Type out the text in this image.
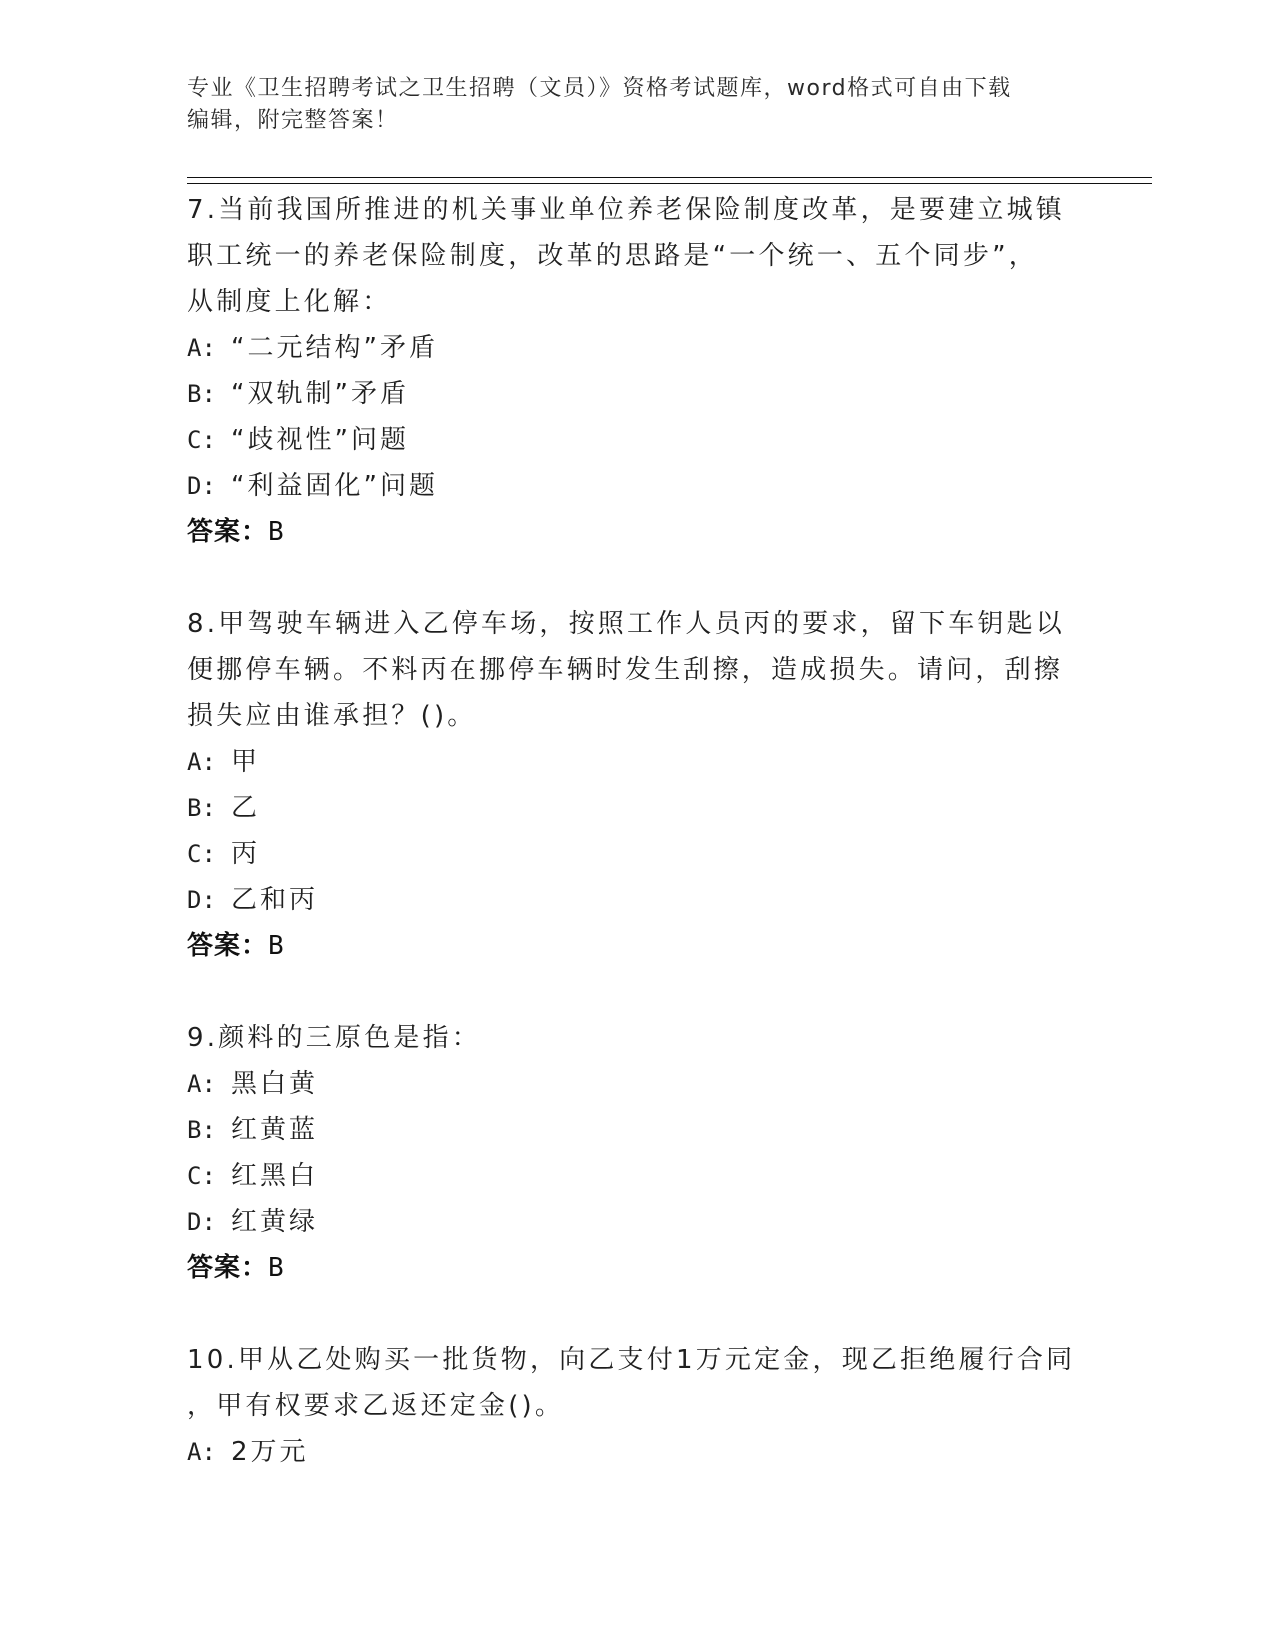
专业《卫生招聘考试之卫生招聘（文员）》资格考试题库，word格式可自由下载
编辑，附完整答案！

7.当前我国所推进的机关事业单位养老保险制度改革，是要建立城镇
职工统一的养老保险制度，改革的思路是“一个统一、五个同步”，
从制度上化解：

A: “二元结构”矛盾
B: “双轨制”矛盾
C: “歧视性”问题
D: “利益固化”问题
答案：B

8.甲驾驶车辆进入乙停车场，按照工作人员丙的要求，留下车钥匙以
便挪停车辆。不料丙在挪停车辆时发生刮擦，造成损失。请问，刮擦
损失应由谁承担？()。

A: 甲
B: 乙
C: 丙
D: 乙和丙
答案：B

9.颜料的三原色是指：

A: 黑白黄
B: 红黄蓝
C: 红黑白
D: 红黄绿
答案：B

10.甲从乙处购买一批货物，向乙支付1万元定金，现乙拒绝履行合同
，甲有权要求乙返还定金()。

A: 2万元
